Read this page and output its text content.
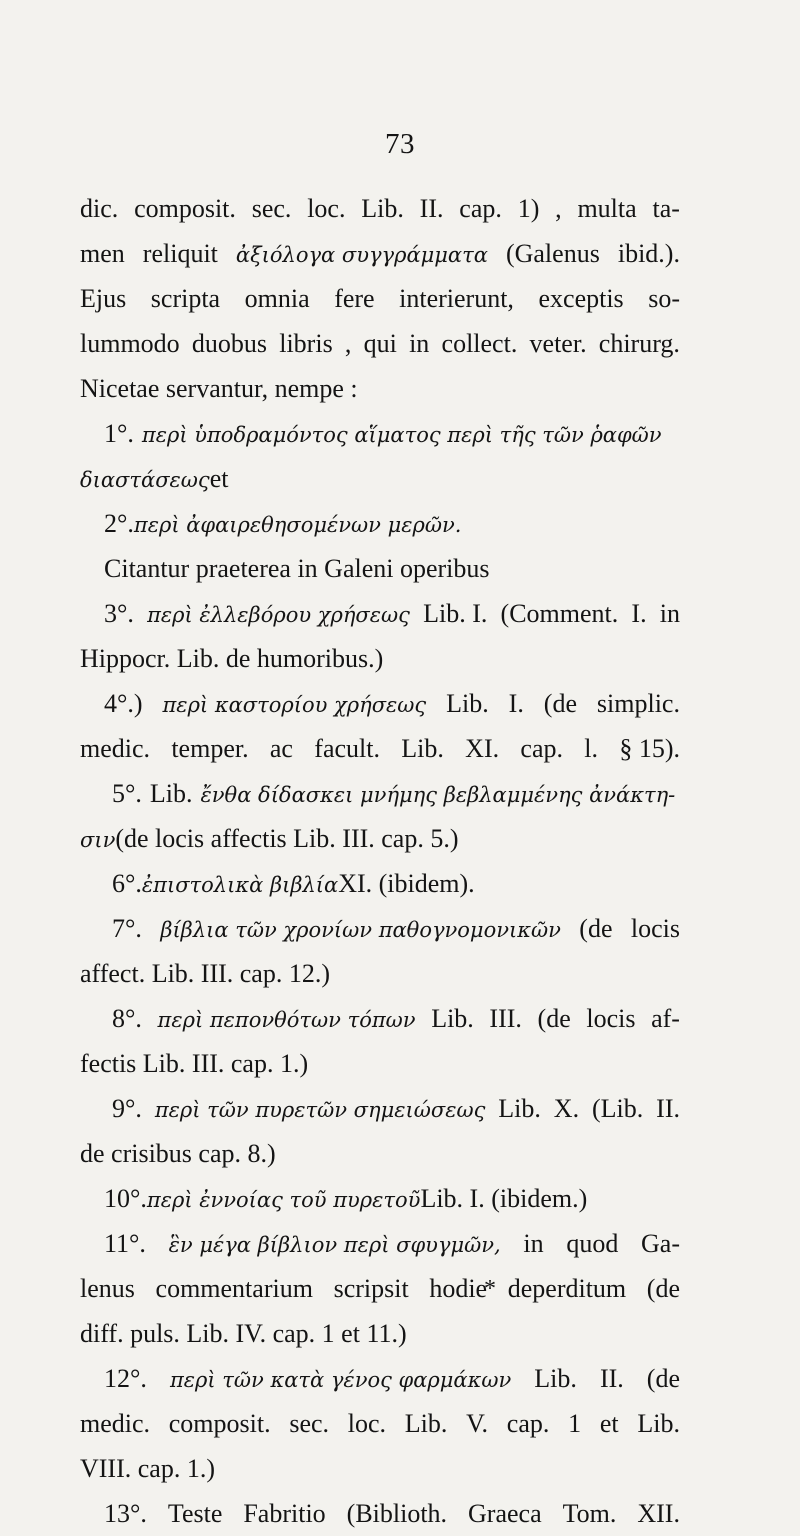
73
dic. composit. sec. loc. Lib. II. cap. 1) , multa ta-
men reliquit ἀξιόλογα συγγράμματα (Galenus ibid.).
Ejus scripta omnia fere interierunt, exceptis so-
lummodo duobus libris , qui in collect. veter. chirurg.
Nicetae servantur, nempe :
1°. περὶ ὑποδραμόντος αἵματος περὶ τῆς τῶν ῥαφῶν
διαστάσεως et
2°. περὶ ἀφαιρεθησομένων μερῶν.
Citantur praeterea in Galeni operibus
3°. περὶ ἐλλεβόρου χρήσεως Lib. I. (Comment. I. in
Hippocr. Lib. de humoribus.)
4°.) περὶ καστορίου χρήσεως Lib. I. (de simplic.
medic. temper. ac facult. Lib. XI. cap. l. § 15).
5°. Lib. ἔνθα δίδασκει μνήμης βεβλαμμένης ἀνάκτη-
σιν (de locis affectis Lib. III. cap. 5.)
6°. ἐπιστολικὰ βιβλία XI. (ibidem).
7°. βίβλια τῶν χρονίων παθογνομονικῶν (de locis
affect. Lib. III. cap. 12.)
8°. περὶ πεπονθότων τόπων Lib. III. (de locis af-
fectis Lib. III. cap. 1.)
9°. περὶ τῶν πυρετῶν σημειώσεως Lib. X. (Lib. II.
de crisibus cap. 8.)
10°. περὶ ἐννοίας τοῦ πυρετοῦ Lib. I. (ibidem.)
11°. ἓν μέγα βίβλιον περὶ σφυγμῶν, in quod Ga-
lenus commentarium scripsit hodie deperditum (de
diff. puls. Lib. IV. cap. 1 et 11.)
12°. περὶ τῶν κατὰ γένος φαρμάκων Lib. II. (de
medic. composit. sec. loc. Lib. V. cap. 1 et Lib.
VIII. cap. 1.)
13°. Teste Fabritio (Biblioth. Graeca Tom. XII.
*
